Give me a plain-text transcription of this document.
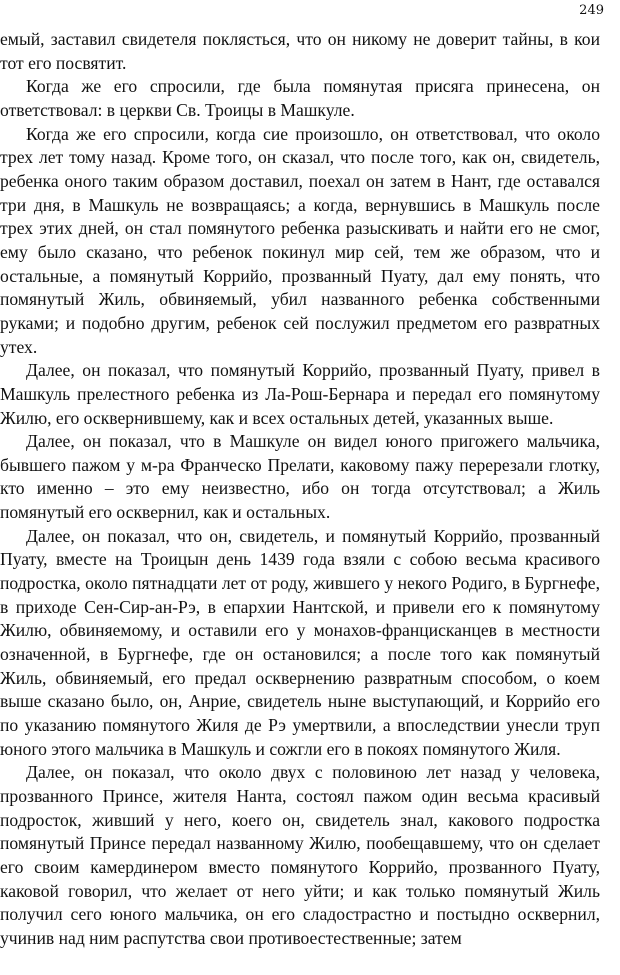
249

емый, заставил свидетеля поклясться, что он никому не доверит тайны, в кои тот его посвятит.

Когда же его спросили, где была помянутая присяга принесена, он ответствовал: в церкви Св. Троицы в Машкуле.

Когда же его спросили, когда сие произошло, он ответствовал, что около трех лет тому назад. Кроме того, он сказал, что после того, как он, свидетель, ребенка оного таким образом доставил, поехал он затем в Нант, где оставался три дня, в Машкуль не возвращаясь; а когда, вернувшись в Машкуль после трех этих дней, он стал помянутого ребенка разыскивать и найти его не смог, ему было сказано, что ребенок покинул мир сей, тем же образом, что и остальные, а помянутый Коррийо, прозванный Пуату, дал ему понять, что помянутый Жиль, обвиняемый, убил названного ребенка собственными руками; и подобно другим, ребенок сей послужил предметом его развратных утех.

Далее, он показал, что помянутый Коррийо, прозванный Пуату, привел в Машкуль прелестного ребенка из Ла-Рош-Бернара и передал его помянутому Жилю, его осквернившему, как и всех остальных детей, указанных выше.

Далее, он показал, что в Машкуле он видел юного пригожего мальчика, бывшего пажом у м-ра Франческо Прелати, каковому пажу перерезали глотку, кто именно – это ему неизвестно, ибо он тогда отсутствовал; а Жиль помянутый его осквернил, как и остальных.

Далее, он показал, что он, свидетель, и помянутый Коррийо, прозванный Пуату, вместе на Троицын день 1439 года взяли с собою весьма красивого подростка, около пятнадцати лет от роду, жившего у некого Родиго, в Бургнефе, в приходе Сен-Сир-ан-Рэ, в епархии Нантской, и привели его к помянутому Жилю, обвиняемому, и оставили его у монахов-францисканцев в местности означенной, в Бургнефе, где он остановился; а после того как помянутый Жиль, обвиняемый, его предал осквернению развратным способом, о коем выше сказано было, он, Анрие, свидетель ныне выступающий, и Коррийо его по указанию помянутого Жиля де Рэ умертвили, а впоследствии унесли труп юного этого мальчика в Машкуль и сожгли его в покоях помянутого Жиля.

Далее, он показал, что около двух с половиною лет назад у человека, прозванного Принсе, жителя Нанта, состоял пажом один весьма красивый подросток, живший у него, коего он, свидетель знал, какового подростка помянутый Принсе передал названному Жилю, пообещавшему, что он сделает его своим камердинером вместо помянутого Коррийо, прозванного Пуату, каковой говорил, что желает от него уйти; и как только помянутый Жиль получил сего юного мальчика, он его сладострастно и постыдно осквернил, учинив над ним распутства свои противоестественные; затем
